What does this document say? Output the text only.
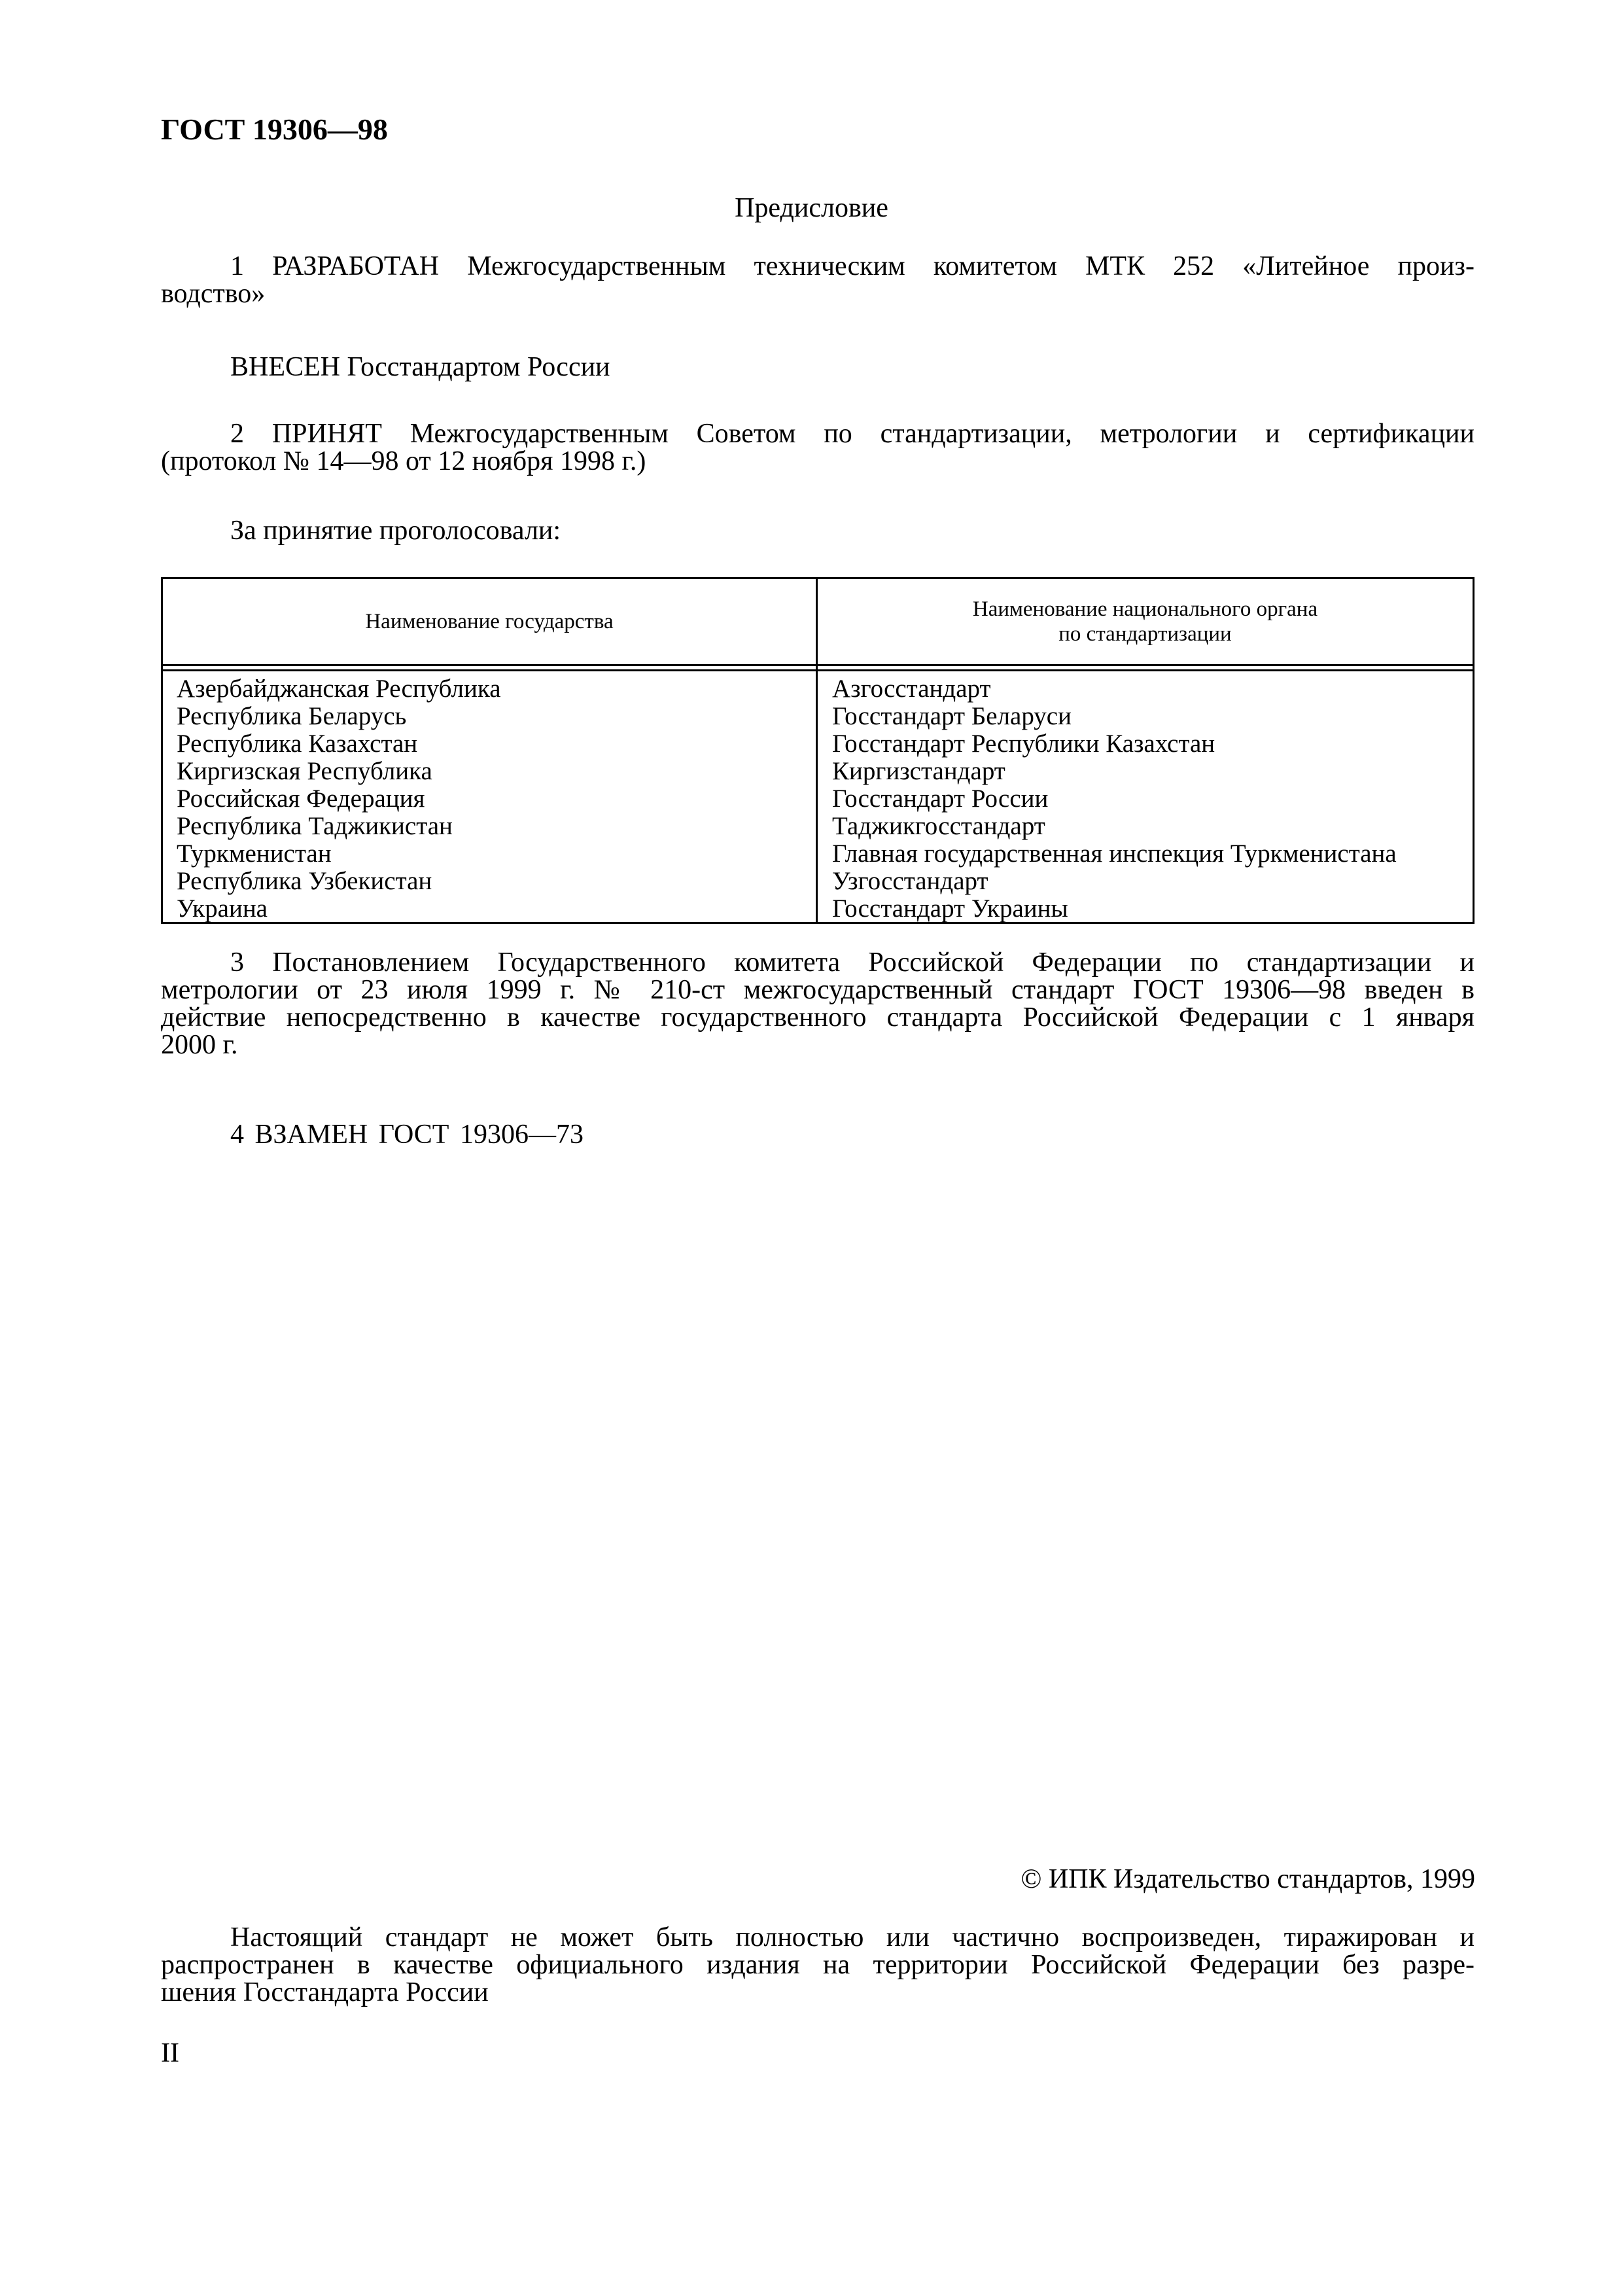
ГОСТ 19306—98
Предисловие
1 РАЗРАБОТАН Межгосударственным техническим комитетом МТК 252 «Литейное произ-
водство»
ВНЕСЕН Госстандартом России
2 ПРИНЯТ Межгосударственным Советом по стандартизации, метрологии и сертификации
(протокол № 14—98 от 12 ноября 1998 г.)
За принятие проголосовали:
Наименование государства
Наименование национального органа
по стандартизации
Азербайджанская Республика
Республика Беларусь
Республика Казахстан
Киргизская Республика
Российская Федерация
Республика Таджикистан
Туркменистан
Республика Узбекистан
Украина
Азгосстандарт
Госстандарт Беларуси
Госстандарт Республики Казахстан
Киргизстандарт
Госстандарт России
Таджикгосстандарт
Главная государственная инспекция Туркменистана
Узгосстандарт
Госстандарт Украины
3 Постановлением Государственного комитета Российской Федерации по стандартизации и
метрологии от 23 июля 1999 г. № 210-ст межгосударственный стандарт ГОСТ 19306—98 введен в
действие непосредственно в качестве государственного стандарта Российской Федерации с 1 января
2000 г.
4 ВЗАМЕН ГОСТ 19306—73
© ИПК Издательство стандартов, 1999
Настоящий стандарт не может быть полностью или частично воспроизведен, тиражирован и
распространен в качестве официального издания на территории Российской Федерации без разре-
шения Госстандарта России
II
